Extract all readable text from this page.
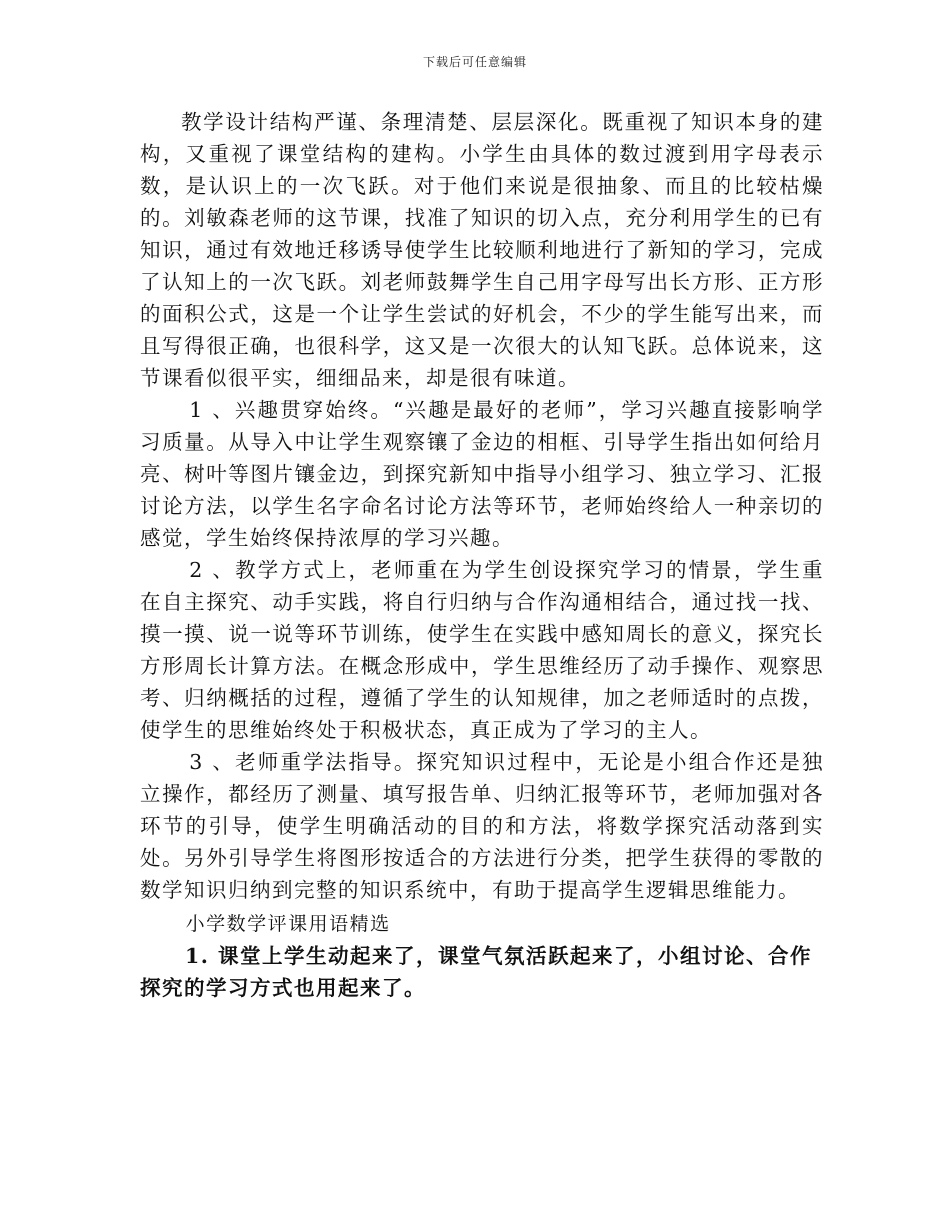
下载后可任意编辑

教学设计结构严谨、条理清楚、层层深化。既重视了知识本身的建构，又重视了课堂结构的建构。小学生由具体的数过渡到用字母表示数，是认识上的一次飞跃。对于他们来说是很抽象、而且的比较枯燥的。刘敏森老师的这节课，找准了知识的切入点，充分利用学生的已有知识，通过有效地迁移诱导使学生比较顺利地进行了新知的学习，完成了认知上的一次飞跃。刘老师鼓舞学生自己用字母写出长方形、正方形的面积公式，这是一个让学生尝试的好机会，不少的学生能写出来，而且写得很正确，也很科学，这又是一次很大的认知飞跃。总体说来，这节课看似很平实，细细品来，却是很有味道。

1 、兴趣贯穿始终。“兴趣是最好的老师”，学习兴趣直接影响学习质量。从导入中让学生观察镶了金边的相框、引导学生指出如何给月亮、树叶等图片镶金边，到探究新知中指导小组学习、独立学习、汇报讨论方法，以学生名字命名讨论方法等环节，老师始终给人一种亲切的感觉，学生始终保持浓厚的学习兴趣。

2 、教学方式上，老师重在为学生创设探究学习的情景，学生重在自主探究、动手实践，将自行归纳与合作沟通相结合，通过找一找、摸一摸、说一说等环节训练，使学生在实践中感知周长的意义，探究长方形周长计算方法。在概念形成中，学生思维经历了动手操作、观察思考、归纳概括的过程，遵循了学生的认知规律，加之老师适时的点拨，使学生的思维始终处于积极状态，真正成为了学习的主人。

3 、老师重学法指导。探究知识过程中，无论是小组合作还是独立操作，都经历了测量、填写报告单、归纳汇报等环节，老师加强对各环节的引导，使学生明确活动的目的和方法，将数学探究活动落到实处。另外引导学生将图形按适合的方法进行分类，把学生获得的零散的数学知识归纳到完整的知识系统中，有助于提高学生逻辑思维能力。

小学数学评课用语精选

1. 课堂上学生动起来了，课堂气氛活跃起来了，小组讨论、合作
探究的学习方式也用起来了。
